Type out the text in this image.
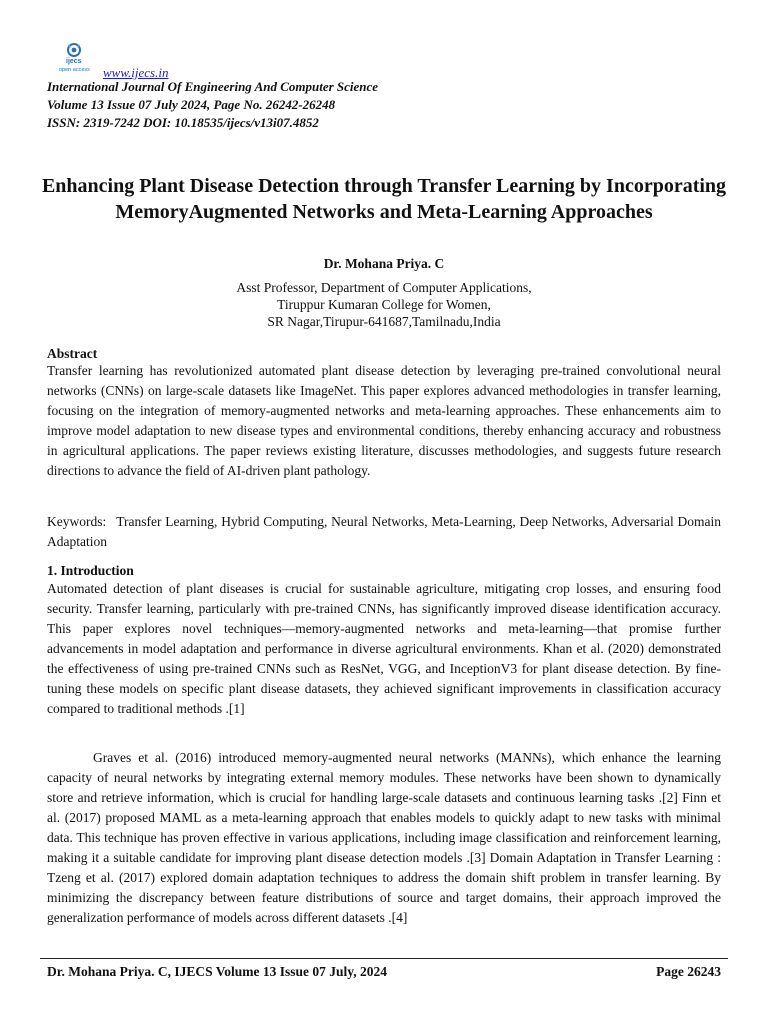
ijecs
open access www.ijecs.in

International Journal Of Engineering And Computer Science

Volume 13 Issue 07 July 2024, Page No. 26242-26248

ISSN: 2319-7242 DOI: 10.18535/ijecs/v13i07.4852

Enhancing Plant Disease Detection through Transfer Learning by Incorporating MemoryAugmented Networks and Meta-Learning Approaches

Dr. Mohana Priya. C

Asst Professor, Department of Computer Applications,
Tiruppur Kumaran College for Women,
SR Nagar,Tirupur-641687,Tamilnadu,India
Abstract

Transfer learning has revolutionized automated plant disease detection by leveraging pre-trained convolutional neural networks (CNNs) on large-scale datasets like ImageNet. This paper explores advanced methodologies in transfer learning, focusing on the integration of memory-augmented networks and meta-learning approaches. These enhancements aim to improve model adaptation to new disease types and environmental conditions, thereby enhancing accuracy and robustness in agricultural applications. The paper reviews existing literature, discusses methodologies, and suggests future research directions to advance the field of AI-driven plant pathology.

Keywords: Transfer Learning, Hybrid Computing, Neural Networks, Meta-Learning, Deep Networks, Adversarial Domain Adaptation

1. Introduction

Automated detection of plant diseases is crucial for sustainable agriculture, mitigating crop losses, and ensuring food security. Transfer learning, particularly with pre-trained CNNs, has significantly improved disease identification accuracy. This paper explores novel techniques—memory-augmented networks and meta-learning—that promise further advancements in model adaptation and performance in diverse agricultural environments. Khan et al. (2020) demonstrated the effectiveness of using pre-trained CNNs such as ResNet, VGG, and InceptionV3 for plant disease detection. By fine-tuning these models on specific plant disease datasets, they achieved significant improvements in classification accuracy compared to traditional methods .[1]

Graves et al. (2016) introduced memory-augmented neural networks (MANNs), which enhance the learning capacity of neural networks by integrating external memory modules. These networks have been shown to dynamically store and retrieve information, which is crucial for handling large-scale datasets and continuous learning tasks .[2] Finn et al. (2017) proposed MAML as a meta-learning approach that enables models to quickly adapt to new tasks with minimal data. This technique has proven effective in various applications, including image classification and reinforcement learning, making it a suitable candidate for improving plant disease detection models .[3] Domain Adaptation in Transfer Learning : Tzeng et al. (2017) explored domain adaptation techniques to address the domain shift problem in transfer learning. By minimizing the discrepancy between feature distributions of source and target domains, their approach improved the generalization performance of models across different datasets .[4]

Dr. Mohana Priya. C, IJECS Volume 13 Issue 07 July, 2024	Page 26243
